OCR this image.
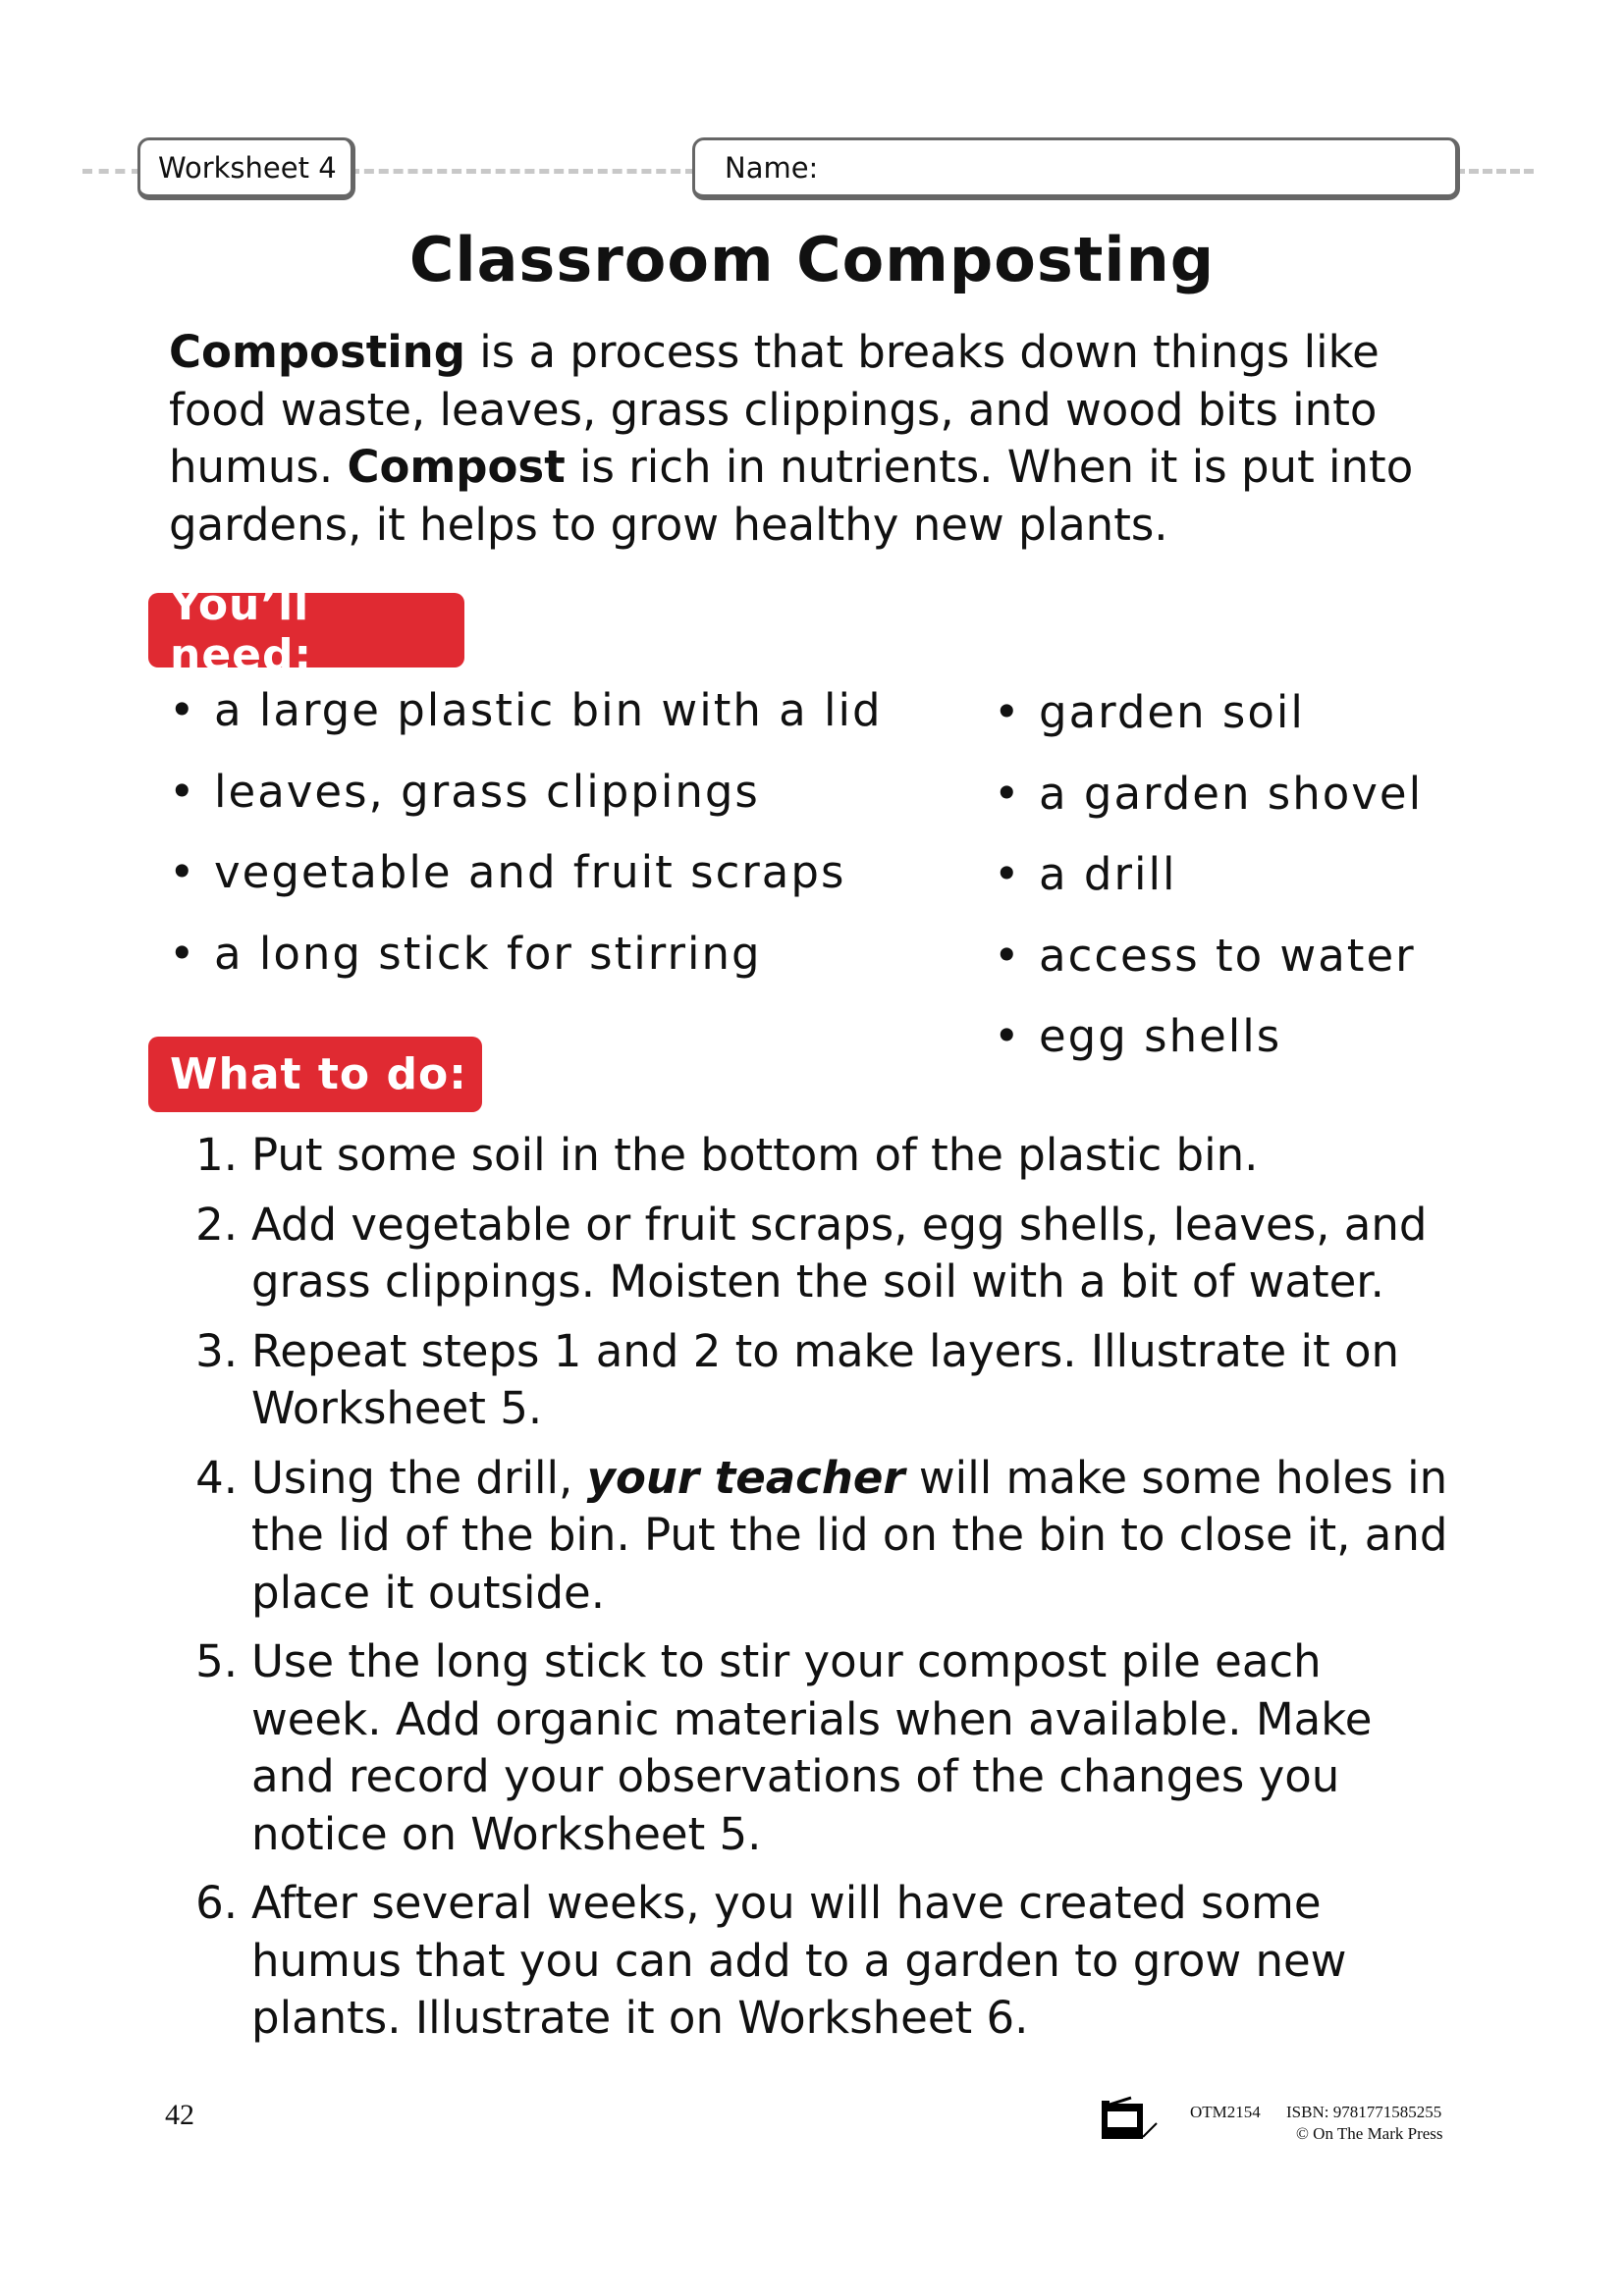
Worksheet 4	Name:
Classroom Composting

Composting is a process that breaks down things like food waste, leaves, grass clippings, and wood bits into humus. Compost is rich in nutrients. When it is put into gardens, it helps to grow healthy new plants.

You’ll need:
• a large plastic bin with a lid
• leaves, grass clippings
• vegetable and fruit scraps
• a long stick for stirring
• garden soil
• a garden shovel
• a drill
• access to water
• egg shells
What to do:
1. Put some soil in the bottom of the plastic bin.
2. Add vegetable or fruit scraps, egg shells, leaves, and grass clippings. Moisten the soil with a bit of water.
3. Repeat steps 1 and 2 to make layers. Illustrate it on Worksheet 5.
4. Using the drill, your teacher will make some holes in the lid of the bin. Put the lid on the bin to close it, and place it outside.
5. Use the long stick to stir your compost pile each week. Add organic materials when available. Make and record your observations of the changes you notice on Worksheet 5.
6. After several weeks, you will have created some humus that you can add to a garden to grow new plants. Illustrate it on Worksheet 6.
42	OTM2154 ISBN: 9781771585255
© On The Mark Press
